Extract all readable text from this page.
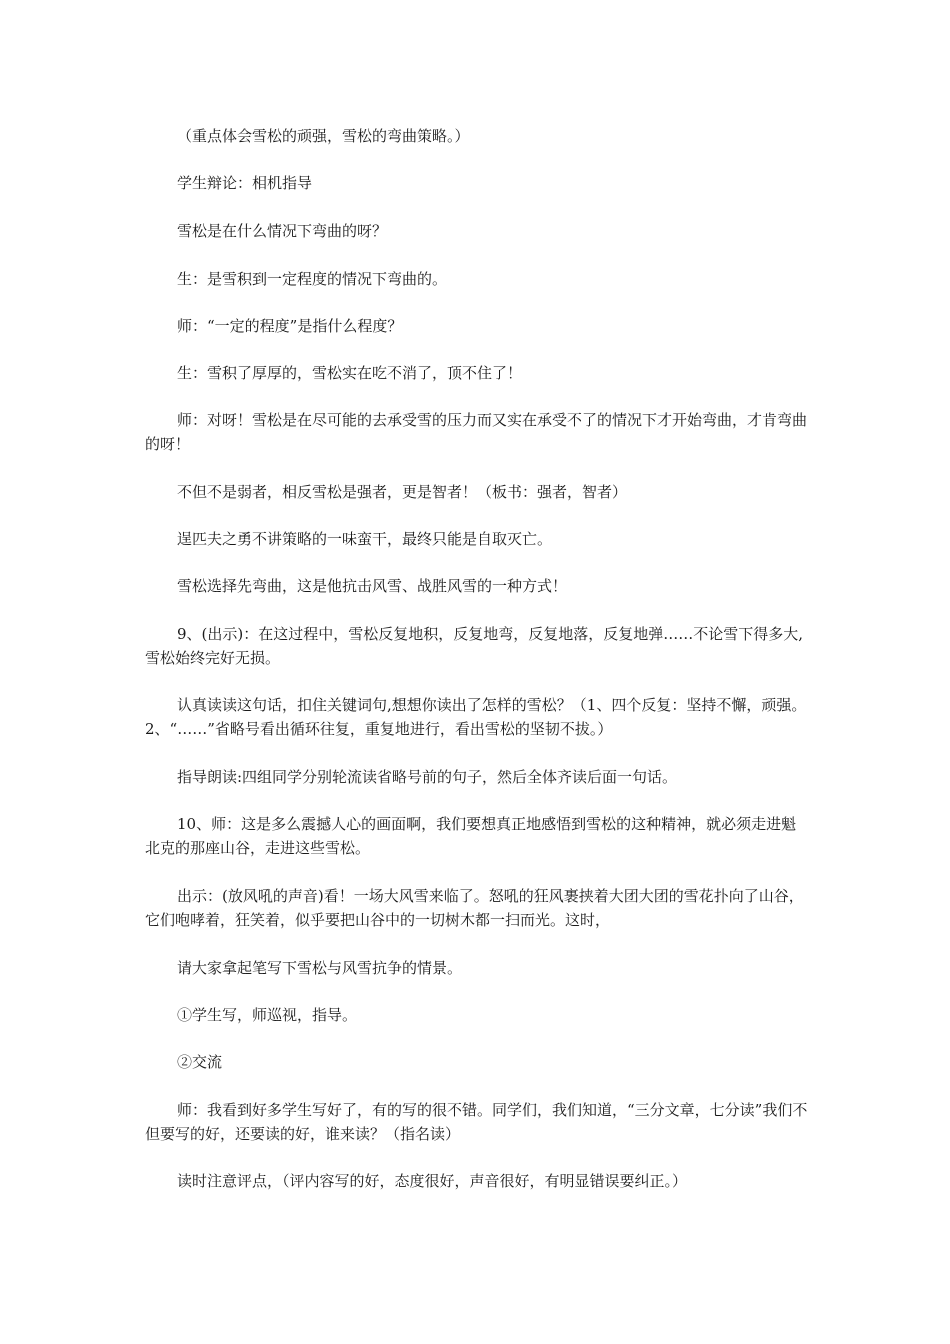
（重点体会雪松的顽强，雪松的弯曲策略。）

学生辩论：相机指导

雪松是在什么情况下弯曲的呀？

生：是雪积到一定程度的情况下弯曲的。

师：“一定的程度”是指什么程度？

生：雪积了厚厚的，雪松实在吃不消了，顶不住了！

师：对呀！雪松是在尽可能的去承受雪的压力而又实在承受不了的情况下才开始弯曲，才肯弯曲的呀！

不但不是弱者，相反雪松是强者，更是智者！（板书：强者，智者）

逞匹夫之勇不讲策略的一味蛮干，最终只能是自取灭亡。

雪松选择先弯曲，这是他抗击风雪、战胜风雪的一种方式！

9、(出示)：在这过程中，雪松反复地积，反复地弯，反复地落，反复地弹……不论雪下得多大,雪松始终完好无损。

认真读读这句话，扣住关键词句,想想你读出了怎样的雪松？（1、四个反复：坚持不懈，顽强。2、“……”省略号看出循环往复，重复地进行，看出雪松的坚韧不拔。）

指导朗读:四组同学分别轮流读省略号前的句子，然后全体齐读后面一句话。

10、师：这是多么震撼人心的画面啊，我们要想真正地感悟到雪松的这种精神，就必须走进魁北克的那座山谷，走进这些雪松。

出示：(放风吼的声音)看！一场大风雪来临了。怒吼的狂风裹挟着大团大团的雪花扑向了山谷，它们咆哮着，狂笑着，似乎要把山谷中的一切树木都一扫而光。这时，

请大家拿起笔写下雪松与风雪抗争的情景。

①学生写，师巡视，指导。

②交流

师：我看到好多学生写好了，有的写的很不错。同学们，我们知道，“三分文章，七分读”我们不但要写的好，还要读的好，谁来读？（指名读）

读时注意评点，（评内容写的好，态度很好，声音很好，有明显错误要纠正。）
